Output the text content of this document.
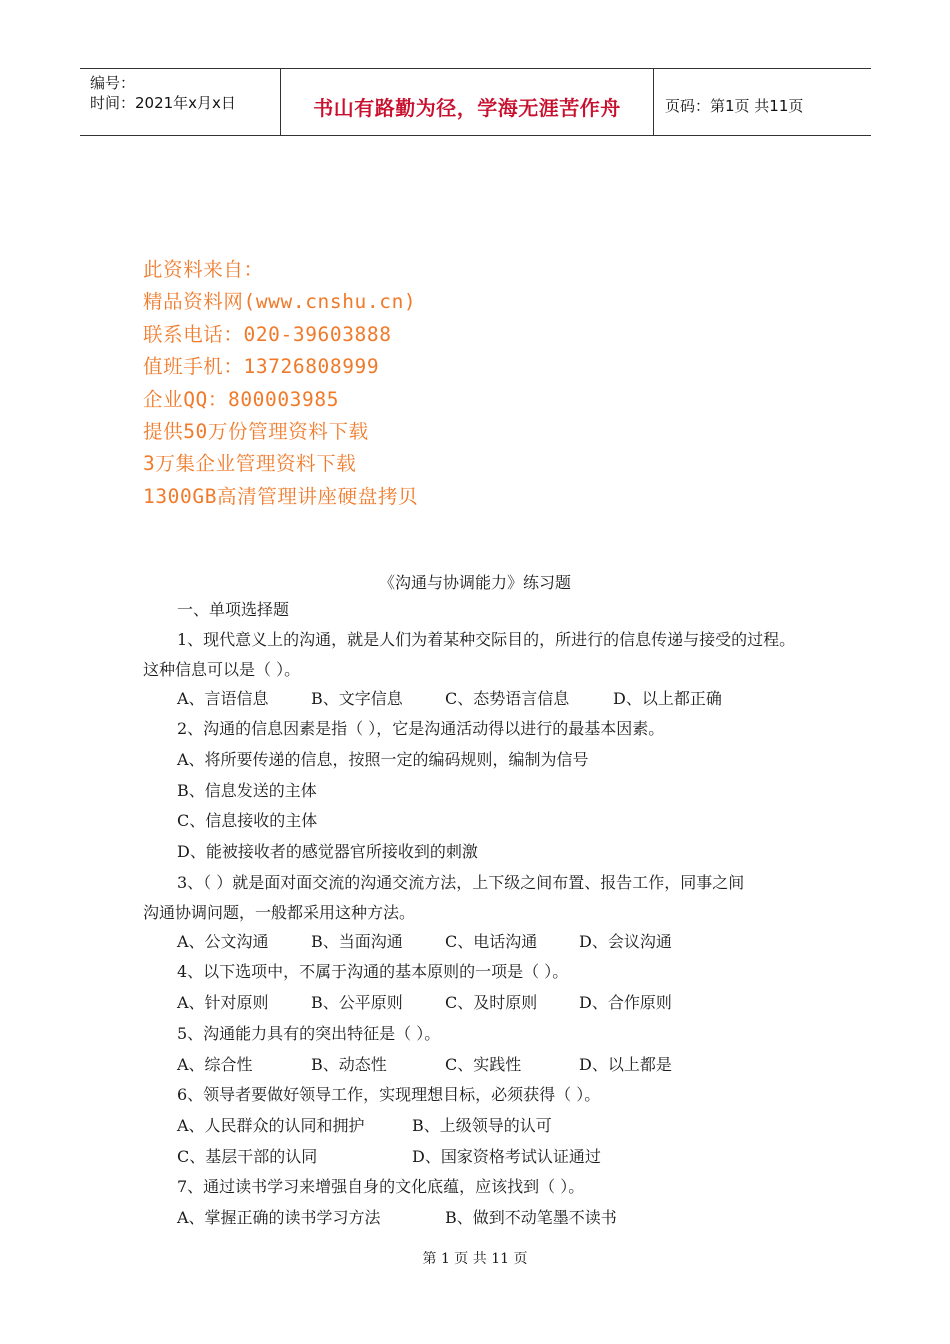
编号：
时间：2021年x月x日	书山有路勤为径，学海无涯苦作舟	页码：第1页 共11页
此资料来自：
精品资料网(www.cnshu.cn)
联系电话：020-39603888
值班手机：13726808999
企业QQ：800003985
提供50万份管理资料下载
3万集企业管理资料下载
1300GB高清管理讲座硬盘拷贝
《沟通与协调能力》练习题
一、单项选择题
1、现代意义上的沟通，就是人们为着某种交际目的，所进行的信息传递与接受的过程。
这种信息可以是（ ）。
A、言语信息	B、文字信息	C、态势语言信息	D、以上都正确
2、沟通的信息因素是指（ ），它是沟通活动得以进行的最基本因素。
A、将所要传递的信息，按照一定的编码规则，编制为信号
B、信息发送的主体
C、信息接收的主体
D、能被接收者的感觉器官所接收到的刺激
3、（ ）就是面对面交流的沟通交流方法，上下级之间布置、报告工作，同事之间
沟通协调问题，一般都采用这种方法。
A、公文沟通	B、当面沟通	C、电话沟通	D、会议沟通
4、以下选项中，不属于沟通的基本原则的一项是（ ）。
A、针对原则	B、公平原则	C、及时原则	D、合作原则
5、沟通能力具有的突出特征是（ ）。
A、综合性	B、动态性	C、实践性	D、以上都是
6、领导者要做好领导工作，实现理想目标，必须获得（ ）。
A、人民群众的认同和拥护	B、上级领导的认可
C、基层干部的认同	D、国家资格考试认证通过
7、通过读书学习来增强自身的文化底蕴，应该找到（ ）。
A、掌握正确的读书学习方法	B、做到不动笔墨不读书
第 1 页 共 11 页
